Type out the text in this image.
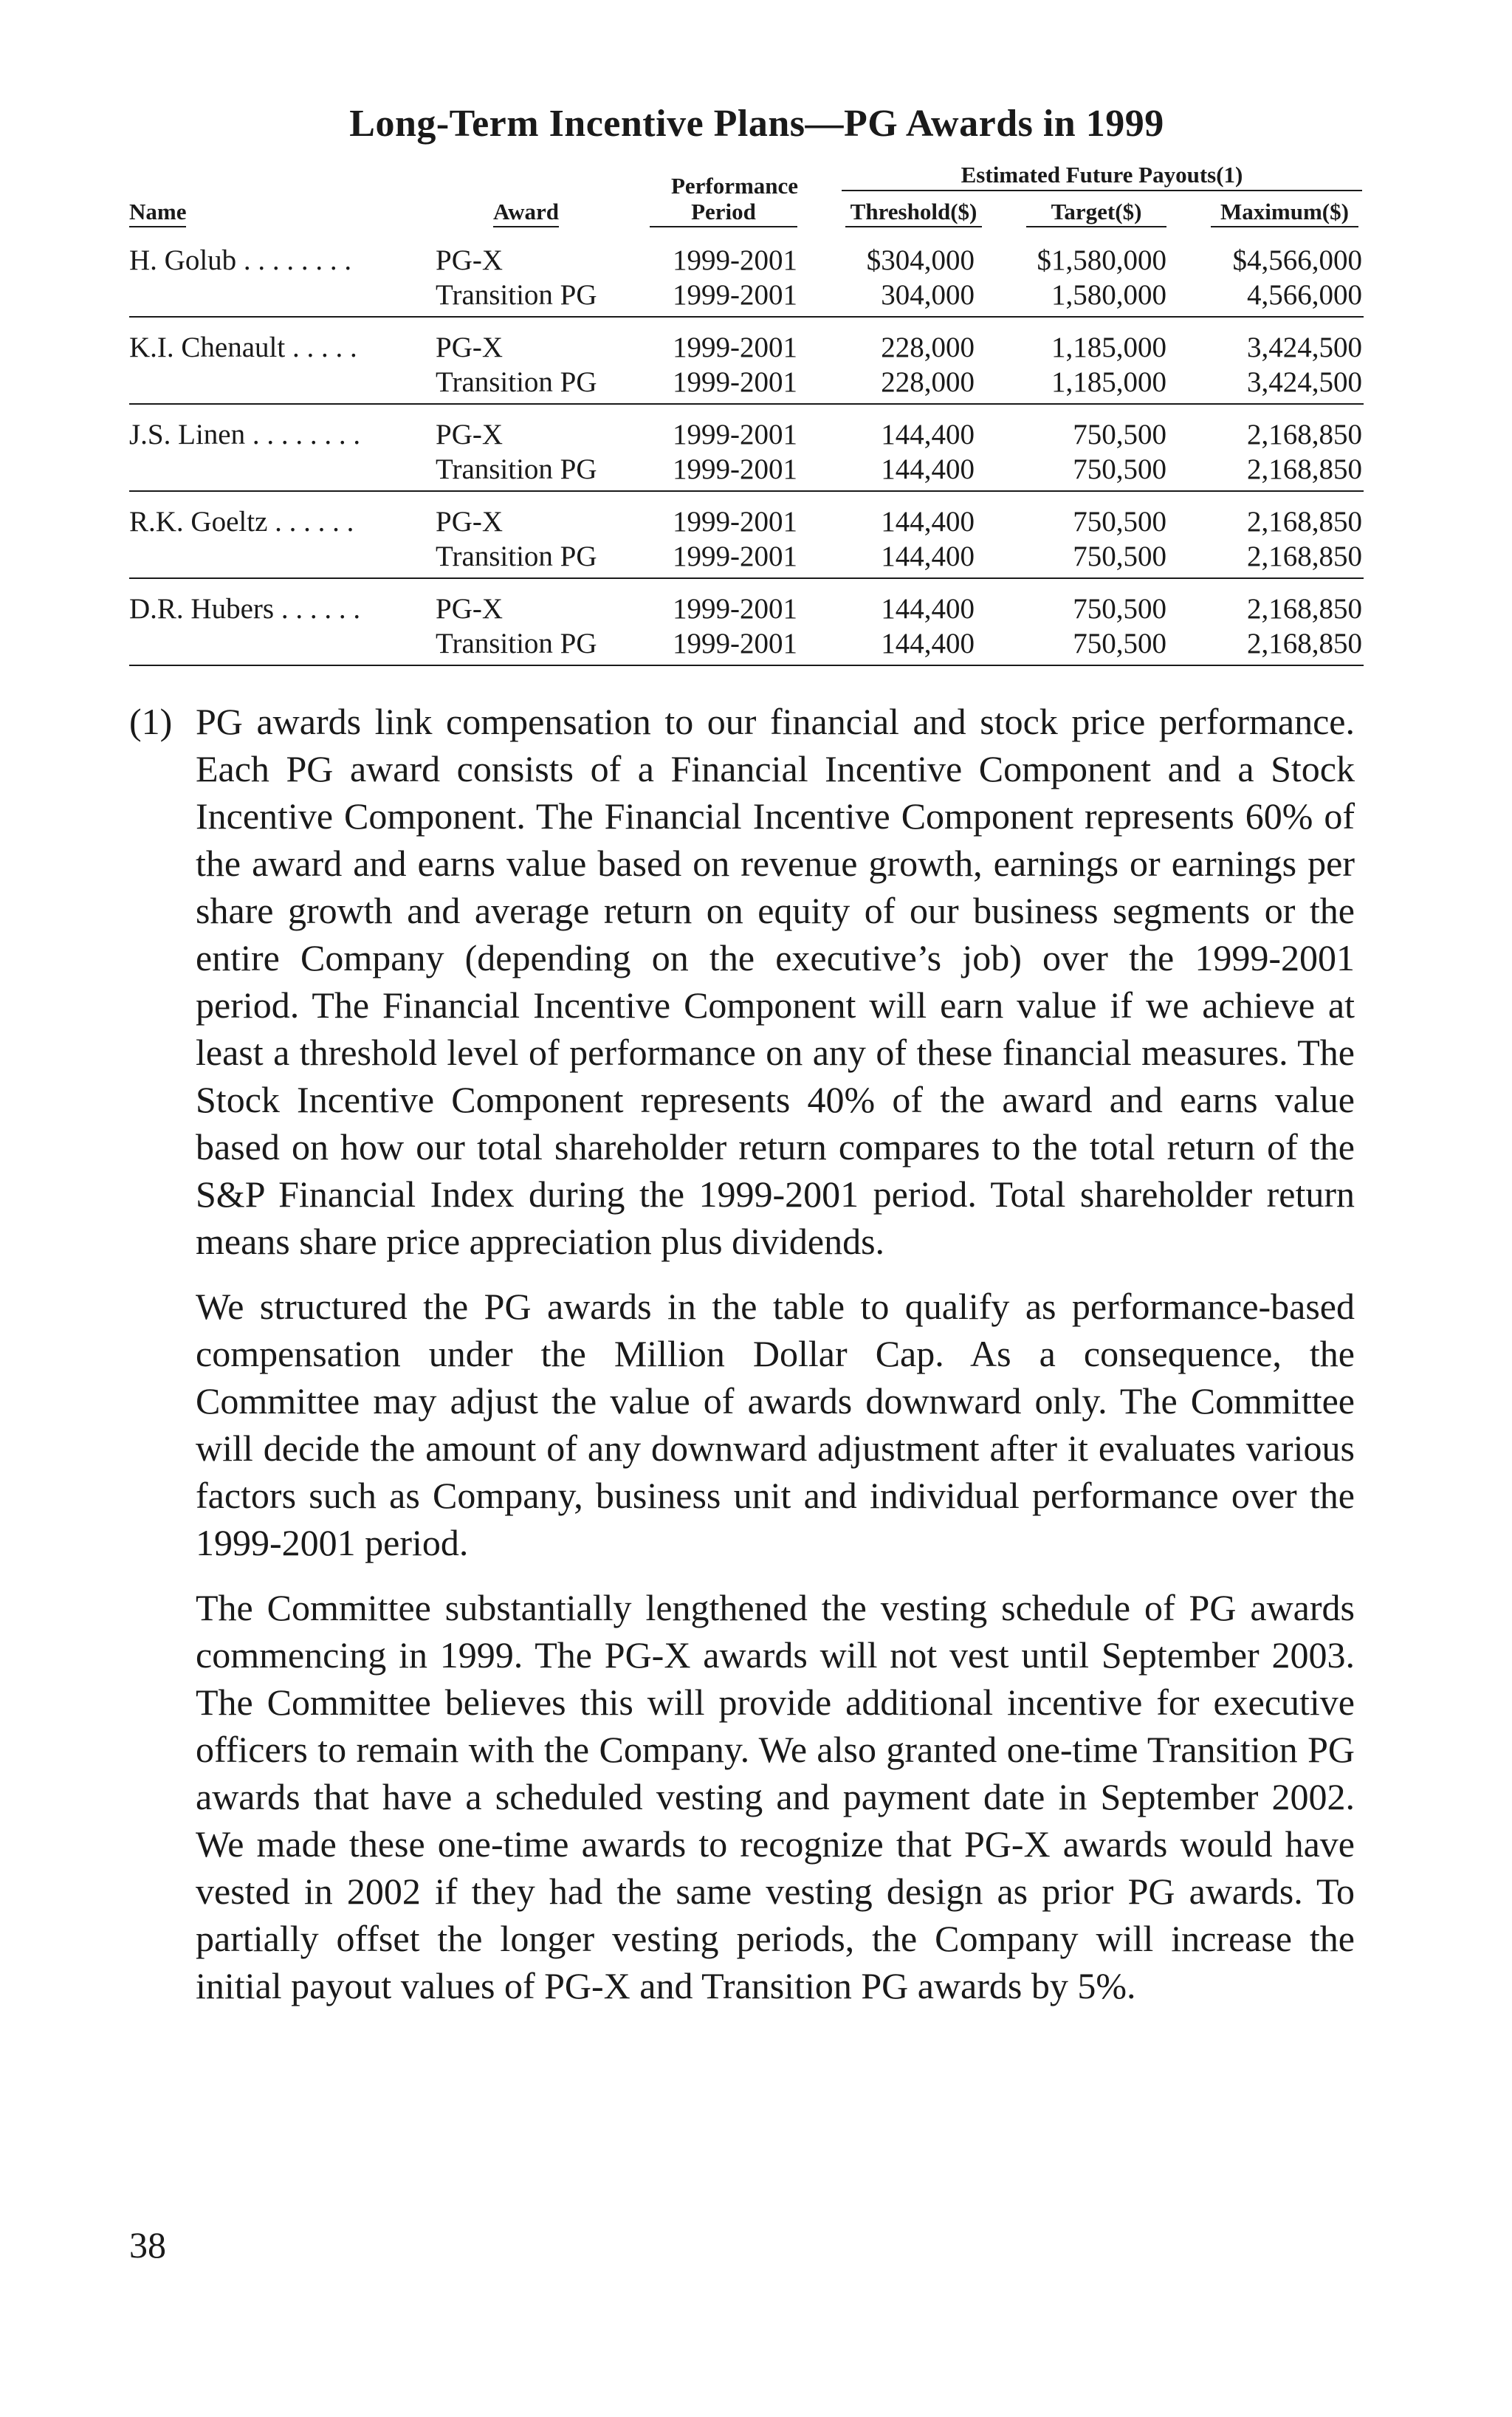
Long-Term Incentive Plans—PG Awards in 1999
Estimated Future Payouts(1)
Performance
Name	Award	Period	Threshold($)	Target($)	Maximum($)
H. Golub . . . . . . . .	PG-X	1999-2001	$304,000	$1,580,000	$4,566,000
Transition PG	1999-2001	304,000	1,580,000	4,566,000
K.I. Chenault . . . . .	PG-X	1999-2001	228,000	1,185,000	3,424,500
Transition PG	1999-2001	228,000	1,185,000	3,424,500
J.S. Linen . . . . . . . .	PG-X	1999-2001	144,400	750,500	2,168,850
Transition PG	1999-2001	144,400	750,500	2,168,850
R.K. Goeltz . . . . . .	PG-X	1999-2001	144,400	750,500	2,168,850
Transition PG	1999-2001	144,400	750,500	2,168,850
D.R. Hubers . . . . . .	PG-X	1999-2001	144,400	750,500	2,168,850
Transition PG	1999-2001	144,400	750,500	2,168,850
(1) PG awards link compensation to our financial and stock price performance. Each PG award consists of a Financial Incentive Component and a Stock Incentive Component. The Financial Incentive Component represents 60% of the award and earns value based on revenue growth, earnings or earnings per share growth and average return on equity of our business segments or the entire Company (depending on the executive’s job) over the 1999-2001 period. The Financial Incentive Component will earn value if we achieve at least a threshold level of performance on any of these financial measures. The Stock Incentive Component represents 40% of the award and earns value based on how our total shareholder return compares to the total return of the S&P Financial Index during the 1999-2001 period. Total shareholder return means share price appreciation plus dividends.

We structured the PG awards in the table to qualify as performance-based compensation under the Million Dollar Cap. As a consequence, the Committee may adjust the value of awards downward only. The Committee will decide the amount of any downward adjustment after it evaluates various factors such as Company, business unit and individual performance over the 1999-2001 period.

The Committee substantially lengthened the vesting schedule of PG awards commencing in 1999. The PG-X awards will not vest until September 2003. The Committee believes this will provide additional incentive for executive officers to remain with the Company. We also granted one-time Transition PG awards that have a scheduled vesting and payment date in September 2002. We made these one-time awards to recognize that PG-X awards would have vested in 2002 if they had the same vesting design as prior PG awards. To partially offset the longer vesting periods, the Company will increase the initial payout values of PG-X and Transition PG awards by 5%.

38
